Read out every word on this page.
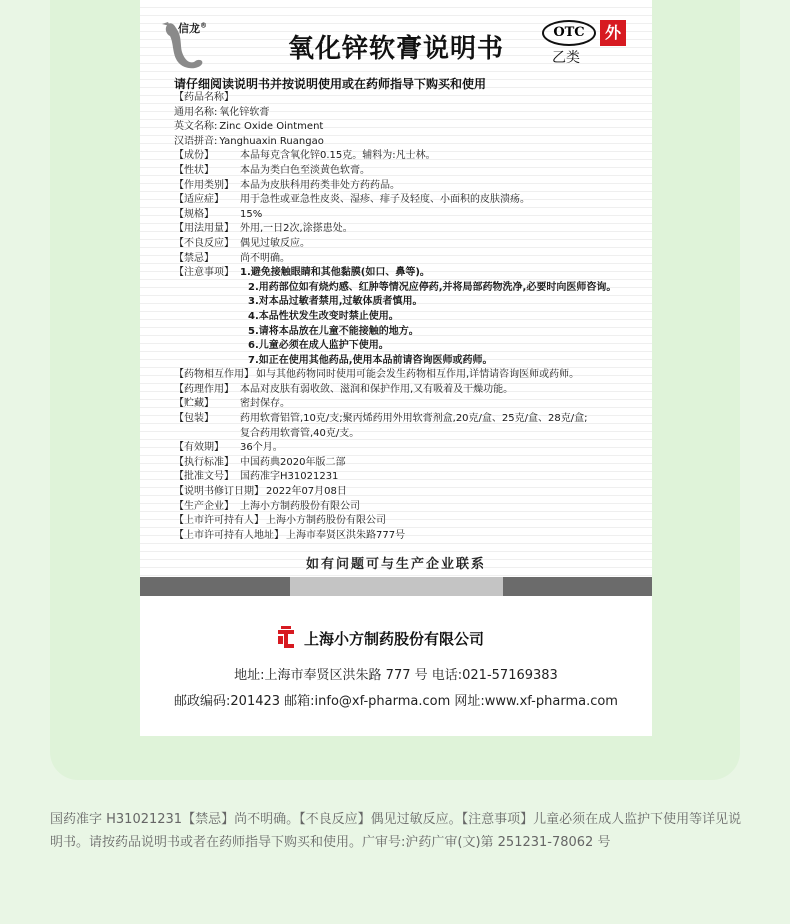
信龙®
氧化锌软膏说明书
OTC
乙类
外
请仔细阅读说明书并按说明使用或在药师指导下购买和使用
【药品名称】
通用名称: 氧化锌软膏
英文名称: Zinc Oxide Ointment
汉语拼音: Yanghuaxin Ruangao
【成份】	本品每克含氧化锌0.15克。辅料为:凡士林。
【性状】	本品为类白色至淡黄色软膏。
【作用类别】 本品为皮肤科用药类非处方药药品。
【适应症】	用于急性或亚急性皮炎、湿疹、痱子及轻度、小面积的皮肤溃疡。
【规格】	15%
【用法用量】 外用,一日2次,涂搽患处。
【不良反应】 偶见过敏反应。
【禁忌】	尚不明确。
【注意事项】 1.避免接触眼睛和其他黏膜(如口、鼻等)。
2.用药部位如有烧灼感、红肿等情况应停药,并将局部药物洗净,必要时向医师咨询。
3.对本品过敏者禁用,过敏体质者慎用。
4.本品性状发生改变时禁止使用。
5.请将本品放在儿童不能接触的地方。
6.儿童必须在成人监护下使用。
7.如正在使用其他药品,使用本品前请咨询医师或药师。
【药物相互作用】 如与其他药物同时使用可能会发生药物相互作用,详情请咨询医师或药师。
【药理作用】 本品对皮肤有弱收敛、滋润和保护作用,又有吸着及干燥功能。
【贮藏】	密封保存。
【包装】	药用软膏铝管,10克/支;聚丙烯药用外用软膏剂盒,20克/盒、25克/盒、28克/盒;
复合药用软膏管,40克/支。
【有效期】	36个月。
【执行标准】 中国药典2020年版二部
【批准文号】 国药准字H31021231
【说明书修订日期】 2022年07月08日
【生产企业】 上海小方制药股份有限公司
【上市许可持有人】 上海小方制药股份有限公司
【上市许可持有人地址】 上海市奉贤区洪朱路777号
如有问题可与生产企业联系
上海小方制药股份有限公司
地址:上海市奉贤区洪朱路 777 号 电话:021-57169383
邮政编码:201423 邮箱:info@xf-pharma.com 网址:www.xf-pharma.com
国药准字 H31021231【禁忌】尚不明确。【不良反应】偶见过敏反应。【注意事项】儿童必须在成人监护下使用等详见说明书。请按药品说明书或者在药师指导下购买和使用。广审号:沪药广审(文)第 251231-78062 号
